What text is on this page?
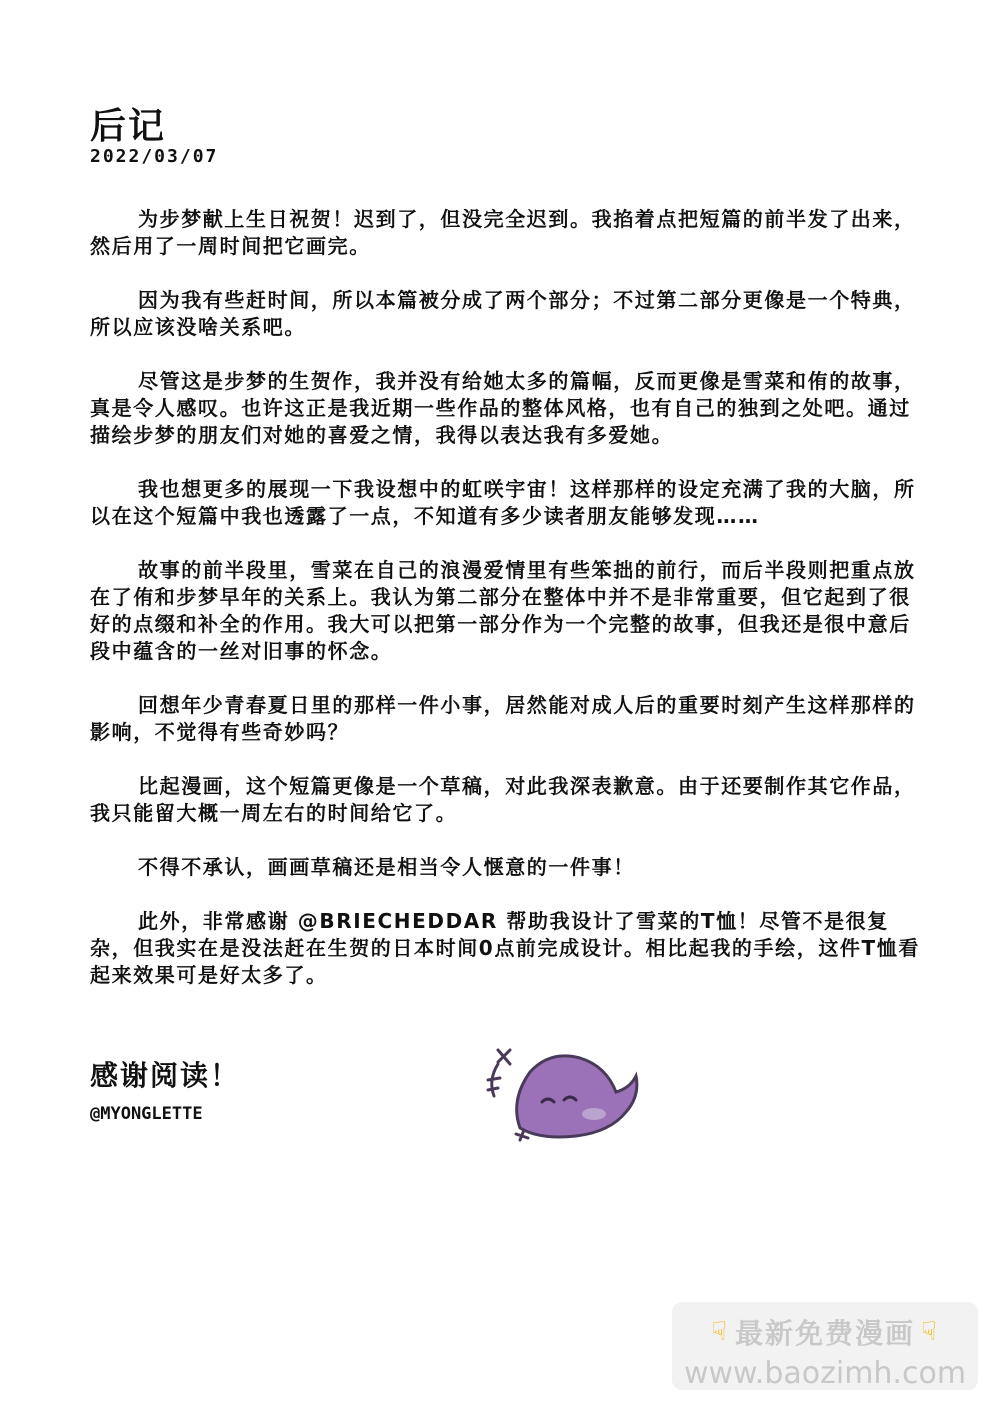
后记
2022/03/07

为步梦献上生日祝贺！迟到了，但没完全迟到。我掐着点把短篇的前半发了出来，然后用了一周时间把它画完。

因为我有些赶时间，所以本篇被分成了两个部分；不过第二部分更像是一个特典，所以应该没啥关系吧。

尽管这是步梦的生贺作，我并没有给她太多的篇幅，反而更像是雪菜和侑的故事，真是令人感叹。也许这正是我近期一些作品的整体风格，也有自己的独到之处吧。通过描绘步梦的朋友们对她的喜爱之情，我得以表达我有多爱她。

我也想更多的展现一下我设想中的虹咲宇宙！这样那样的设定充满了我的大脑，所以在这个短篇中我也透露了一点，不知道有多少读者朋友能够发现……

故事的前半段里，雪菜在自己的浪漫爱情里有些笨拙的前行，而后半段则把重点放在了侑和步梦早年的关系上。我认为第二部分在整体中并不是非常重要，但它起到了很好的点缀和补全的作用。我大可以把第一部分作为一个完整的故事，但我还是很中意后段中蕴含的一丝对旧事的怀念。

回想年少青春夏日里的那样一件小事，居然能对成人后的重要时刻产生这样那样的影响，不觉得有些奇妙吗？

比起漫画，这个短篇更像是一个草稿，对此我深表歉意。由于还要制作其它作品，我只能留大概一周左右的时间给它了。

不得不承认，画画草稿还是相当令人惬意的一件事！

此外，非常感谢 @BRIECHEDDAR 帮助我设计了雪菜的T恤！尽管不是很复杂，但我实在是没法赶在生贺的日本时间0点前完成设计。相比起我的手绘，这件T恤看起来效果可是好太多了。

感谢阅读！
@MYONGLETTE
☟ 最新免费漫画 ☟
www.baozimh.com
